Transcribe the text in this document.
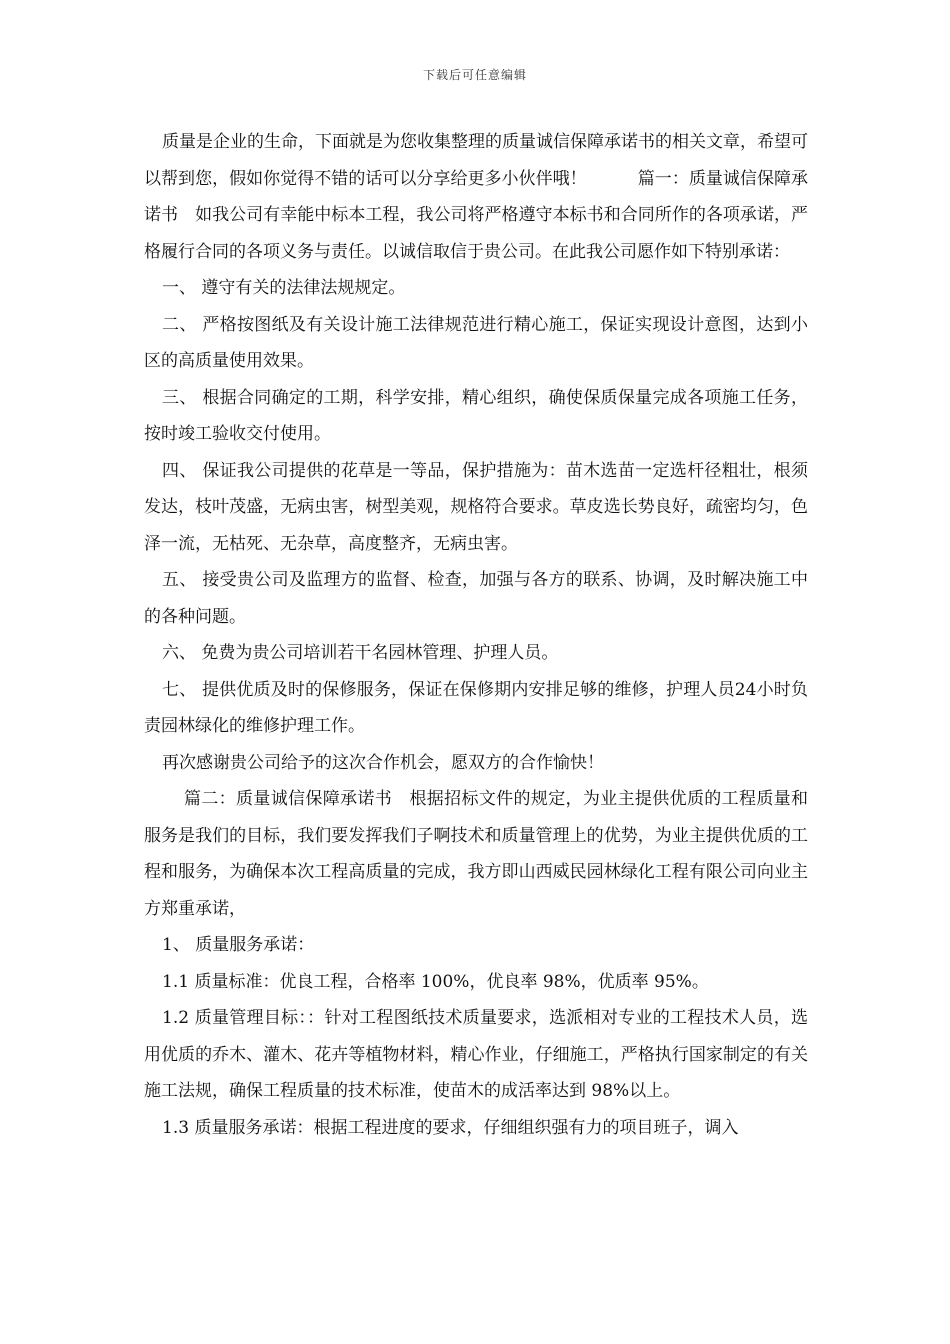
下载后可任意编辑

质量是企业的生命，下面就是为您收集整理的质量诚信保障承诺书的相关文章，希望可以帮到您，假如你觉得不错的话可以分享给更多小伙伴哦！　　　篇一：质量诚信保障承诺书　如我公司有幸能中标本工程，我公司将严格遵守本标书和合同所作的各项承诺，严格履行合同的各项义务与责任。以诚信取信于贵公司。在此我公司愿作如下特别承诺：

一、 遵守有关的法律法规规定。

二、 严格按图纸及有关设计施工法律规范进行精心施工，保证实现设计意图，达到小区的高质量使用效果。

三、 根据合同确定的工期，科学安排，精心组织，确使保质保量完成各项施工任务，按时竣工验收交付使用。

四、 保证我公司提供的花草是一等品，保护措施为：苗木选苗一定选杆径粗壮，根须发达，枝叶茂盛，无病虫害，树型美观，规格符合要求。草皮选长势良好，疏密均匀，色泽一流，无枯死、无杂草，高度整齐，无病虫害。

五、 接受贵公司及监理方的监督、检查，加强与各方的联系、协调，及时解决施工中的各种问题。

六、 免费为贵公司培训若干名园林管理、护理人员。

七、 提供优质及时的保修服务，保证在保修期内安排足够的维修，护理人员24小时负责园林绿化的维修护理工作。

再次感谢贵公司给予的这次合作机会，愿双方的合作愉快！

篇二：质量诚信保障承诺书　根据招标文件的规定，为业主提供优质的工程质量和服务是我们的目标，我们要发挥我们子啊技术和质量管理上的优势，为业主提供优质的工程和服务，为确保本次工程高质量的完成，我方即山西威民园林绿化工程有限公司向业主方郑重承诺，

1、 质量服务承诺：

1.1 质量标准：优良工程，合格率 100%，优良率 98%，优质率 95%。

1.2 质量管理目标：：针对工程图纸技术质量要求，选派相对专业的工程技术人员，选用优质的乔木、灌木、花卉等植物材料，精心作业，仔细施工，严格执行国家制定的有关施工法规，确保工程质量的技术标准，使苗木的成活率达到 98%以上。

1.3 质量服务承诺：根据工程进度的要求，仔细组织强有力的项目班子，调入
